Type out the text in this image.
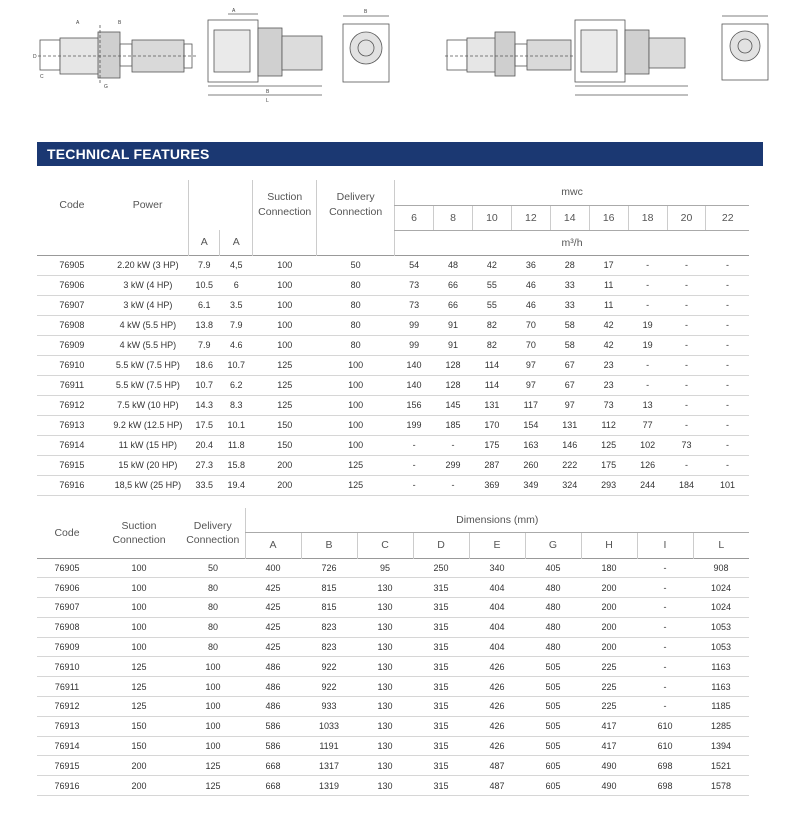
A
B
L
B
A	B
G
D
C
TECHNICAL FEATURES
Code	Power			Suction Connection	Delivery Connection	mwc								
						6	8	10	12	14	16	18	20	22
		A	A			m³/h								
76905	2.20 kW (3 HP)	7.9	4,5	100	50	54	48	42	36	28	17	-	-	-
76906	3 kW (4 HP)	10.5	6	100	80	73	66	55	46	33	11	-	-	-
76907	3 kW (4 HP)	6.1	3.5	100	80	73	66	55	46	33	11	-	-	-
76908	4 kW (5.5 HP)	13.8	7.9	100	80	99	91	82	70	58	42	19	-	-
76909	4 kW (5.5 HP)	7.9	4.6	100	80	99	91	82	70	58	42	19	-	-
76910	5.5 kW (7.5 HP)	18.6	10.7	125	100	140	128	114	97	67	23	-	-	-
76911	5.5 kW (7.5 HP)	10.7	6.2	125	100	140	128	114	97	67	23	-	-	-
76912	7.5 kW (10 HP)	14.3	8.3	125	100	156	145	131	117	97	73	13	-	-
76913	9.2 kW (12.5 HP)	17.5	10.1	150	100	199	185	170	154	131	112	77	-	-
76914	11 kW (15 HP)	20.4	11.8	150	100	-	-	175	163	146	125	102	73	-
76915	15 kW (20 HP)	27.3	15.8	200	125	-	299	287	260	222	175	126	-	-
76916	18,5 kW (25 HP)	33.5	19.4	200	125	-	-	369	349	324	293	244	184	101
Code	Suction Connection	Delivery Connection	Dimensions (mm)								
			A	B	C	D	E	G	H	I	L
76905	100	50	400	726	95	250	340	405	180	-	908
76906	100	80	425	815	130	315	404	480	200	-	1024
76907	100	80	425	815	130	315	404	480	200	-	1024
76908	100	80	425	823	130	315	404	480	200	-	1053
76909	100	80	425	823	130	315	404	480	200	-	1053
76910	125	100	486	922	130	315	426	505	225	-	1163
76911	125	100	486	922	130	315	426	505	225	-	1163
76912	125	100	486	933	130	315	426	505	225	-	1185
76913	150	100	586	1033	130	315	426	505	417	610	1285
76914	150	100	586	1191	130	315	426	505	417	610	1394
76915	200	125	668	1317	130	315	487	605	490	698	1521
76916	200	125	668	1319	130	315	487	605	490	698	1578
